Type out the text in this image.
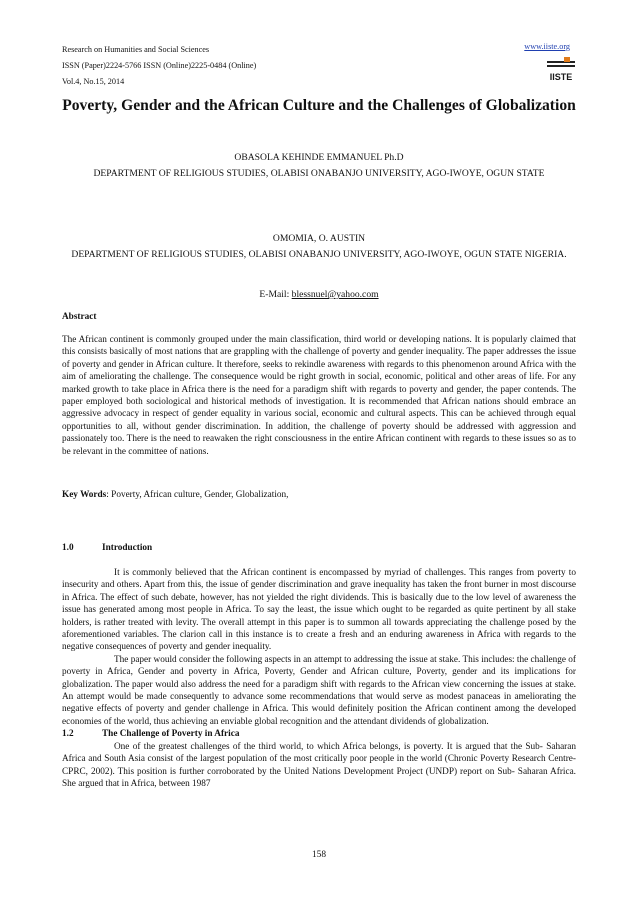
Research on Humanities and Social Sciences
ISSN (Paper)2224-5766 ISSN (Online)2225-0484 (Online)
Vol.4, No.15, 2014
www.iiste.org
IISTE
Poverty, Gender and the African Culture and the Challenges of Globalization
OBASOLA KEHINDE EMMANUEL Ph.D
DEPARTMENT OF RELIGIOUS STUDIES, OLABISI ONABANJO UNIVERSITY, AGO-IWOYE, OGUN STATE
OMOMIA, O. AUSTIN
DEPARTMENT OF RELIGIOUS STUDIES, OLABISI ONABANJO UNIVERSITY, AGO-IWOYE, OGUN STATE NIGERIA.
E-Mail: blessnuel@yahoo.com
Abstract

The African continent is commonly grouped under the main classification, third world or developing nations. It is popularly claimed that this consists basically of most nations that are grappling with the challenge of poverty and gender inequality. The paper addresses the issue of poverty and gender in African culture. It therefore, seeks to rekindle awareness with regards to this phenomenon around Africa with the aim of ameliorating the challenge. The consequence would be right growth in social, economic, political and other areas of life. For any marked growth to take place in Africa there is the need for a paradigm shift with regards to poverty and gender, the paper contends. The paper employed both sociological and historical methods of investigation. It is recommended that African nations should embrace an aggressive advocacy in respect of gender equality in various social, economic and cultural aspects. This can be achieved through equal opportunities to all, without gender discrimination. In addition, the challenge of poverty should be addressed with aggression and passionately too. There is the need to reawaken the right consciousness in the entire African continent with regards to these issues so as to be relevant in the committee of nations.

Key Words: Poverty, African culture, Gender, Globalization,
1.0	Introduction

It is commonly believed that the African continent is encompassed by myriad of challenges. This ranges from poverty to insecurity and others. Apart from this, the issue of gender discrimination and grave inequality has taken the front burner in most discourse in Africa. The effect of such debate, however, has not yielded the right dividends. This is basically due to the low level of awareness the issue has generated among most people in Africa. To say the least, the issue which ought to be regarded as quite pertinent by all stake holders, is rather treated with levity. The overall attempt in this paper is to summon all towards appreciating the challenge posed by the aforementioned variables. The clarion call in this instance is to create a fresh and an enduring awareness in Africa with regards to the negative consequences of poverty and gender inequality.

The paper would consider the following aspects in an attempt to addressing the issue at stake. This includes: the challenge of poverty in Africa, Gender and poverty in Africa, Poverty, Gender and African culture, Poverty, gender and its implications for globalization. The paper would also address the need for a paradigm shift with regards to the African view concerning the issues at stake. An attempt would be made consequently to advance some recommendations that would serve as modest panaceas in ameliorating the negative effects of poverty and gender challenge in Africa. This would definitely position the African continent among the developed economies of the world, thus achieving an enviable global recognition and the attendant dividends of globalization.

1.2	The Challenge of Poverty in Africa

One of the greatest challenges of the third world, to which Africa belongs, is poverty. It is argued that the Sub- Saharan Africa and South Asia consist of the largest population of the most critically poor people in the world (Chronic Poverty Research Centre-CPRC, 2002). This position is further corroborated by the United Nations Development Project (UNDP) report on Sub- Saharan Africa. She argued that in Africa, between 1987

158
